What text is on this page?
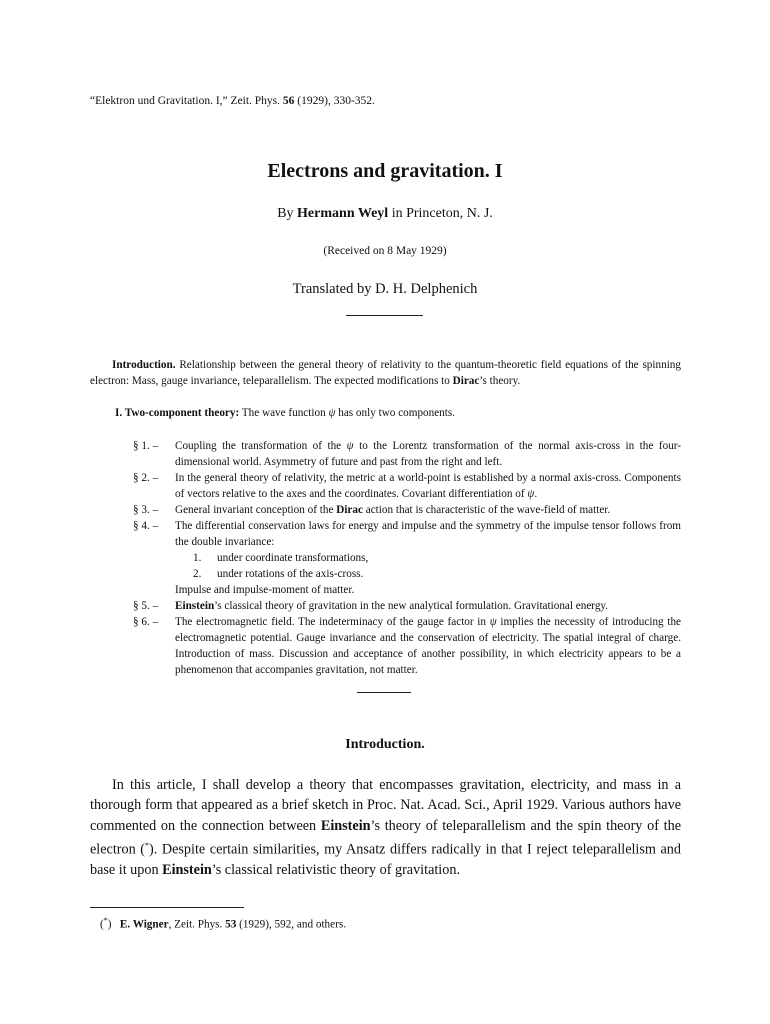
“Elektron und Gravitation. I,” Zeit. Phys. 56 (1929), 330-352.
Electrons and gravitation. I
By Hermann Weyl in Princeton, N. J.
(Received on 8 May 1929)
Translated by D. H. Delphenich
Introduction. Relationship between the general theory of relativity to the quantum-theoretic field equations of the spinning electron: Mass, gauge invariance, teleparallelism. The expected modifications to Dirac’s theory.
I. Two-component theory: The wave function ψ has only two components.
§ 1. –	Coupling the transformation of the ψ to the Lorentz transformation of the normal axis-cross in the four-dimensional world. Asymmetry of future and past from the right and left.
§ 2. –	In the general theory of relativity, the metric at a world-point is established by a normal axis-cross. Components of vectors relative to the axes and the coordinates. Covariant differentiation of ψ.
§ 3. –	General invariant conception of the Dirac action that is characteristic of the wave-field of matter.
§ 4. –	The differential conservation laws for energy and impulse and the symmetry of the impulse tensor follows from the double invariance:
1.	under coordinate transformations,
2.	under rotations of the axis-cross.
Impulse and impulse-moment of matter.
§ 5. –	Einstein’s classical theory of gravitation in the new analytical formulation. Gravitational energy.
§ 6. –	The electromagnetic field. The indeterminacy of the gauge factor in ψ implies the necessity of introducing the electromagnetic potential. Gauge invariance and the conservation of electricity. The spatial integral of charge. Introduction of mass. Discussion and acceptance of another possibility, in which electricity appears to be a phenomenon that accompanies gravitation, not matter.
Introduction.
In this article, I shall develop a theory that encompasses gravitation, electricity, and mass in a thorough form that appeared as a brief sketch in Proc. Nat. Acad. Sci., April 1929. Various authors have commented on the connection between Einstein’s theory of teleparallelism and the spin theory of the electron (*). Despite certain similarities, my Ansatz differs radically in that I reject teleparallelism and base it upon Einstein’s classical relativistic theory of gravitation.
(*)   E. Wigner, Zeit. Phys. 53 (1929), 592, and others.
